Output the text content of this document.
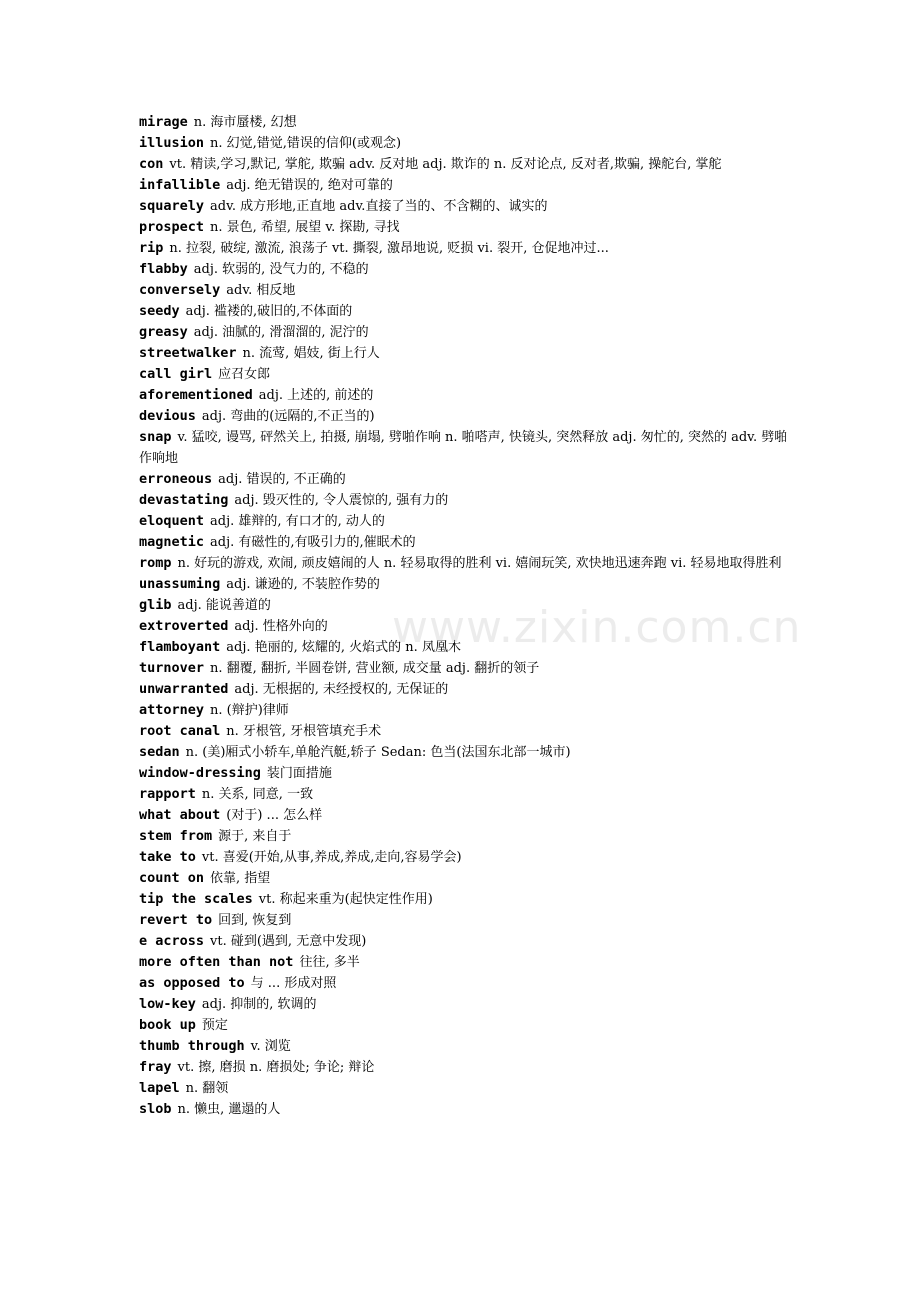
mirage n. 海市蜃楼, 幻想
illusion n. 幻觉,错觉,错误的信仰(或观念)
con vt. 精读,学习,默记, 掌舵, 欺骗 adv. 反对地 adj. 欺诈的 n. 反对论点, 反对者,欺骗, 操舵台, 掌舵
infallible adj. 绝无错误的, 绝对可靠的
squarely adv. 成方形地,正直地 adv.直接了当的、不含糊的、诚实的
prospect n. 景色, 希望, 展望 v. 探勘, 寻找
rip n. 拉裂, 破绽, 激流, 浪荡子 vt. 撕裂, 激昂地说, 贬损 vi. 裂开, 仓促地冲过...
flabby adj. 软弱的, 没气力的, 不稳的
conversely adv. 相反地
seedy adj. 褴褛的,破旧的,不体面的
greasy adj. 油腻的, 滑溜溜的, 泥泞的
streetwalker n. 流莺, 娼妓, 街上行人
call girl 应召女郎
aforementioned adj. 上述的, 前述的
devious adj. 弯曲的(远隔的,不正当的)
snap v. 猛咬, 谩骂, 砰然关上, 拍摄, 崩塌, 劈啪作响 n. 啪嗒声, 快镜头, 突然释放 adj. 匆忙的, 突然的 adv. 劈啪作响地
erroneous adj. 错误的, 不正确的
devastating adj. 毁灭性的, 令人震惊的, 强有力的
eloquent adj. 雄辩的, 有口才的, 动人的
magnetic adj. 有磁性的,有吸引力的,催眠术的
romp n. 好玩的游戏, 欢闹, 顽皮嬉闹的人 n. 轻易取得的胜利 vi. 嬉闹玩笑, 欢快地迅速奔跑 vi. 轻易地取得胜利
unassuming adj. 谦逊的, 不装腔作势的
glib adj. 能说善道的
extroverted adj. 性格外向的
flamboyant adj. 艳丽的, 炫耀的, 火焰式的 n. 凤凰木
turnover n. 翻覆, 翻折, 半圆卷饼, 营业额, 成交量 adj. 翻折的领子
unwarranted adj. 无根据的, 未经授权的, 无保证的
attorney n. (辩护)律师
root canal n. 牙根管, 牙根管填充手术
sedan n. (美)厢式小轿车,单舱汽艇,轿子 Sedan: 色当(法国东北部一城市)
window-dressing 装门面措施
rapport n. 关系, 同意, 一致
what about (对于) ... 怎么样
stem from 源于, 来自于
take to vt. 喜爱(开始,从事,养成,养成,走向,容易学会)
count on 依靠, 指望
tip the scales vt. 称起来重为(起快定性作用)
revert to 回到, 恢复到
e across vt. 碰到(遇到, 无意中发现)
more often than not 往往, 多半
as opposed to 与 ... 形成对照
low-key adj. 抑制的, 软调的
book up 预定
thumb through v. 浏览
fray vt. 擦, 磨损 n. 磨损处; 争论; 辩论
lapel n. 翻领
slob n. 懒虫, 邋遢的人
www.zixin.com.cn
